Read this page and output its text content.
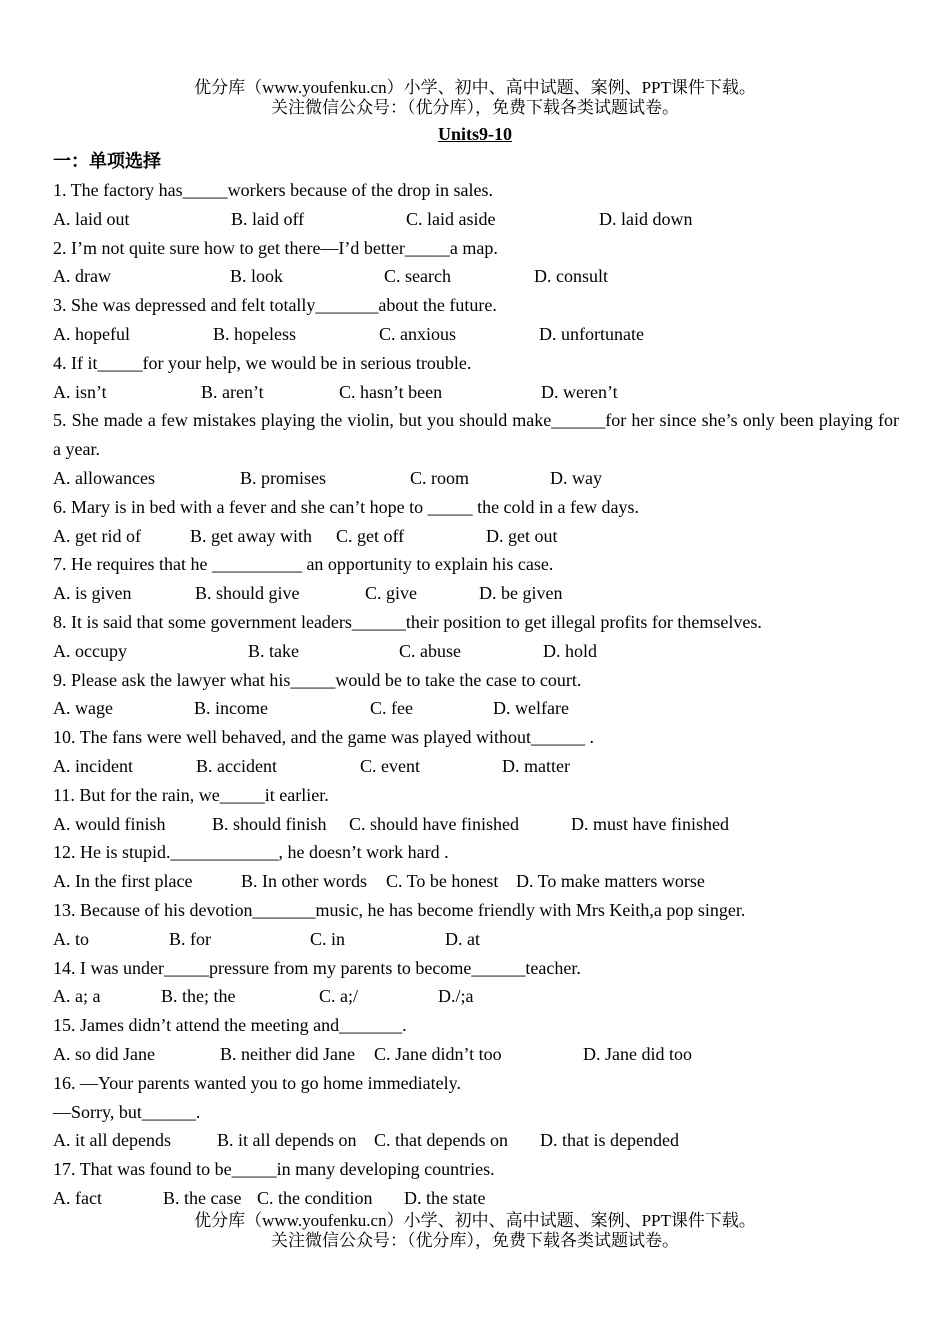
优分库（www.youfenku.cn）小学、初中、高中试题、案例、PPT课件下载。
关注微信公众号：（优分库），免费下载各类试题试卷。
Units9-10
一：单项选择
1. The factory has_____workers because of the drop in sales.
A. laid out	B. laid off	C. laid aside	D. laid down
2. I’m not quite sure how to get there—I’d better_____a map.
A. draw	B. look	C. search	D. consult
3. She was depressed and felt totally_______about the future.
A. hopeful	B. hopeless	C. anxious	D. unfortunate
4. If it_____for your help, we would be in serious trouble.
A. isn’t	B. aren’t	C. hasn’t been	D. weren’t
5. She made a few mistakes playing the violin, but you should make______for her since she’s only been playing for a year.
A. allowances	B. promises	C. room	D. way
6. Mary is in bed with a fever and she can’t hope to _____ the cold in a few days.
A. get rid of	B. get away with C. get off	D. get out
7. He requires that he __________ an opportunity to explain his case.
A. is given	B. should give	C. give	D. be given
8. It is said that some government leaders______their position to get illegal profits for themselves.
A. occupy	B. take	C. abuse	D. hold
9. Please ask the lawyer what his_____would be to take the case to court.
A. wage	B. income	C. fee	D. welfare
10. The fans were well behaved, and the game was played without______ .
A. incident	B. accident	C. event	D. matter
11. But for the rain, we_____it earlier.
A. would finish	B. should finish C. should have finished	D. must have finished
12. He is stupid.____________, he doesn’t work hard .
A. In the first place	B. In other words C. To be honest D. To make matters worse
13. Because of his devotion_______music, he has become friendly with Mrs Keith,a pop singer.
A. to	B. for	C. in	D. at
14. I was under_____pressure from my parents to become______teacher.
A. a; a	B. the; the	C. a;/	D./;a
15. James didn’t attend the meeting and_______.
A. so did Jane	B. neither did Jane C. Jane didn’t too	D. Jane did too
16. —Your parents wanted you to go home immediately.
—Sorry, but______.
A. it all depends	B. it all depends on C. that depends on D. that is depended
17. That was found to be_____in many developing countries.
A. fact	B. the case C. the condition D. the state
优分库（www.youfenku.cn）小学、初中、高中试题、案例、PPT课件下载。
关注微信公众号：（优分库），免费下载各类试题试卷。
